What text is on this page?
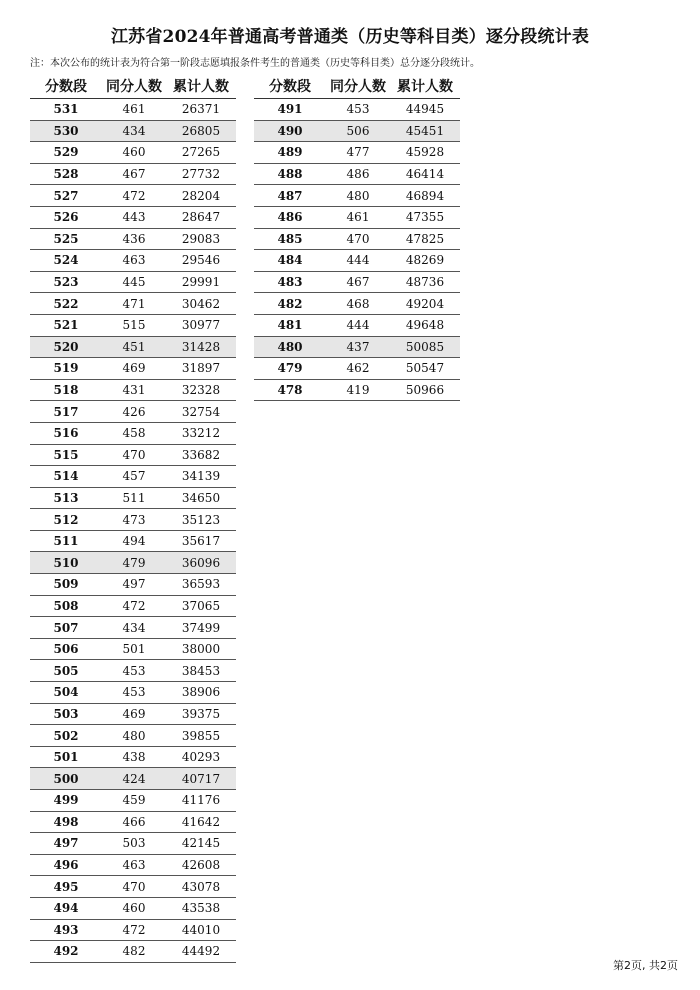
江苏省2024年普通高考普通类（历史等科目类）逐分段统计表
注：本次公布的统计表为符合第一阶段志愿填报条件考生的普通类（历史等科目类）总分逐分段统计。
分数段	同分人数 累计人数
531	461	26371
530	434	26805
529	460	27265
528	467	27732
527	472	28204
526	443	28647
525	436	29083
524	463	29546
523	445	29991
522	471	30462
521	515	30977
520	451	31428
519	469	31897
518	431	32328
517	426	32754
516	458	33212
515	470	33682
514	457	34139
513	511	34650
512	473	35123
511	494	35617
510	479	36096
509	497	36593
508	472	37065
507	434	37499
506	501	38000
505	453	38453
504	453	38906
503	469	39375
502	480	39855
501	438	40293
500	424	40717
499	459	41176
498	466	41642
497	503	42145
496	463	42608
495	470	43078
494	460	43538
493	472	44010
492	482	44492
分数段	同分人数 累计人数
491	453	44945
490	506	45451
489	477	45928
488	486	46414
487	480	46894
486	461	47355
485	470	47825
484	444	48269
483	467	48736
482	468	49204
481	444	49648
480	437	50085
479	462	50547
478	419	50966
第2页, 共2页
